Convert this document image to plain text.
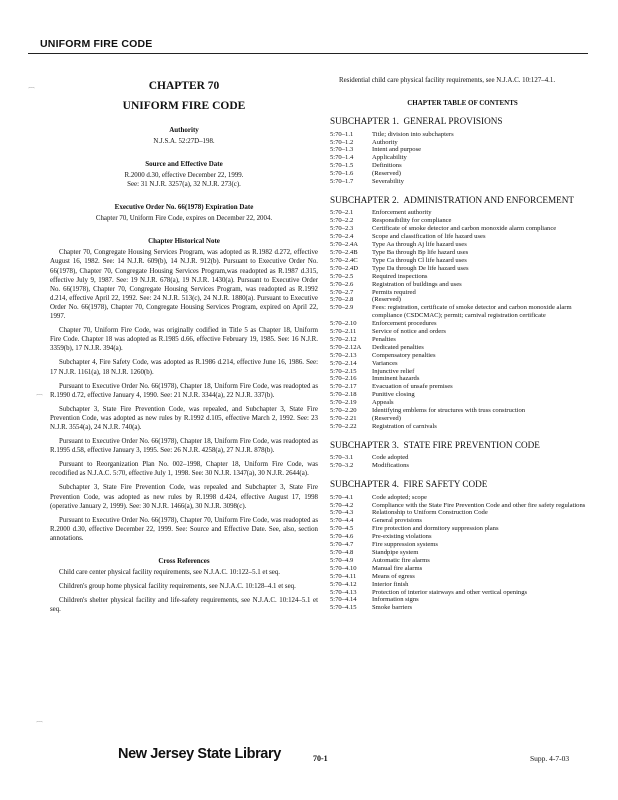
UNIFORM FIRE CODE
⌒
⌒
⌒

CHAPTER 70

UNIFORM FIRE CODE

Authority

N.J.S.A. 52:27D–198.

Source and Effective Date

R.2000 d.30, effective December 22, 1999.

See: 31 N.J.R. 3257(a), 32 N.J.R. 273(c).

Executive Order No. 66(1978) Expiration Date

Chapter 70, Uniform Fire Code, expires on December 22, 2004.

Chapter Historical Note

Chapter 70, Congregate Housing Services Program, was adopted as R.1982 d.272, effective August 16, 1982. See: 14 N.J.R. 609(b), 14 N.J.R. 912(b). Pursuant to Executive Order No. 66(1978), Chapter 70, Congregate Housing Services Program,was readopted as R.1987 d.315, effective July 9, 1987. See: 19 N.J.R. 678(a), 19 N.J.R. 1430(a). Pursuant to Executive Order No. 66(1978), Chapter 70, Congregate Housing Services Program, was readopted as R.1992 d.214, effective April 22, 1992. See: 24 N.J.R. 513(c), 24 N.J.R. 1880(a). Pursuant to Executive Order No. 66(1978), Chapter 70, Congregate Housing Services Program, expired on April 22, 1997.

Chapter 70, Uniform Fire Code, was originally codified in Title 5 as Chapter 18, Uniform Fire Code. Chapter 18 was adopted as R.1985 d.66, effective February 19, 1985. See: 16 N.J.R. 3359(b), 17 N.J.R. 394(a).

Subchapter 4, Fire Safety Code, was adopted as R.1986 d.214, effective June 16, 1986. See: 17 N.J.R. 1161(a), 18 N.J.R. 1260(b).

Pursuant to Executive Order No. 66(1978), Chapter 18, Uniform Fire Code, was readopted as R.1990 d.72, effective January 4, 1990. See: 21 N.J.R. 3344(a), 22 N.J.R. 337(b).

Subchapter 3, State Fire Prevention Code, was repealed, and Subchapter 3, State Fire Prevention Code, was adopted as new rules by R.1992 d.105, effective March 2, 1992. See: 23 N.J.R. 3554(a), 24 N.J.R. 740(a).

Pursuant to Executive Order No. 66(1978), Chapter 18, Uniform Fire Code, was readopted as R.1995 d.58, effective January 3, 1995. See: 26 N.J.R. 4258(a), 27 N.J.R. 878(b).

Pursuant to Reorganization Plan No. 002–1998, Chapter 18, Uniform Fire Code, was recodified as N.J.A.C. 5:70, effective July 1, 1998. See: 30 N.J.R. 1347(a), 30 N.J.R. 2644(a).

Subchapter 3, State Fire Prevention Code, was repealed and Subchapter 3, State Fire Prevention Code, was adopted as new rules by R.1998 d.424, effective August 17, 1998 (operative January 2, 1999). See: 30 N.J.R. 1466(a), 30 N.J.R. 3098(c).

Pursuant to Executive Order No. 66(1978), Chapter 70, Uniform Fire Code, was readopted as R.2000 d.30, effective December 22, 1999. See: Source and Effective Date. See, also, section annotations.

Cross References

Child care center physical facility requirements, see N.J.A.C. 10:122–5.1 et seq.

Children's group home physical facility requirements, see N.J.A.C. 10:128–4.1 et seq.

Children's shelter physical facility and life-safety requirements, see N.J.A.C. 10:124–5.1 et seq.

Residential child care physical facility requirements, see N.J.A.C. 10:127–4.1.

CHAPTER TABLE OF CONTENTS

SUBCHAPTER 1. GENERAL PROVISIONS
5:70–1.1	Title; division into subchapters
5:70–1.2	Authority
5:70–1.3	Intent and purpose
5:70–1.4	Applicability
5:70–1.5	Definitions
5:70–1.6	(Reserved)
5:70–1.7	Severability
SUBCHAPTER 2. ADMINISTRATION AND ENFORCEMENT
5:70–2.1	Enforcement authority
5:70–2.2	Responsibility for compliance
5:70–2.3	Certificate of smoke detector and carbon monoxide alarm compliance
5:70–2.4	Scope and classification of life hazard uses
5:70–2.4A	Type Aa through Aj life hazard uses
5:70–2.4B	Type Ba through Bp life hazard uses
5:70–2.4C	Type Ca through Cl life hazard uses
5:70–2.4D	Type Da through De life hazard uses
5:70–2.5	Required inspections
5:70–2.6	Registration of buildings and uses
5:70–2.7	Permits required
5:70–2.8	(Reserved)
5:70–2.9	Fees: registration, certificate of smoke detector and carbon monoxide alarm compliance (CSDCMAC); permit; carnival registration certificate
5:70–2.10	Enforcement procedures
5:70–2.11	Service of notice and orders
5:70–2.12	Penalties
5:70–2.12A	Dedicated penalties
5:70–2.13	Compensatory penalties
5:70–2.14	Variances
5:70–2.15	Injunctive relief
5:70–2.16	Imminent hazards
5:70–2.17	Evacuation of unsafe premises
5:70–2.18	Punitive closing
5:70–2.19	Appeals
5:70–2.20	Identifying emblems for structures with truss construction
5:70–2.21	(Reserved)
5:70–2.22	Registration of carnivals
SUBCHAPTER 3. STATE FIRE PREVENTION CODE
5:70–3.1	Code adopted
5:70–3.2	Modifications
SUBCHAPTER 4. FIRE SAFETY CODE
5:70–4.1	Code adopted; scope
5:70–4.2	Compliance with the State Fire Prevention Code and other fire safety regulations
5:70–4.3	Relationship to Uniform Construction Code
5:70–4.4	General provisions
5:70–4.5	Fire protection and dormitory suppression plans
5:70–4.6	Pre-existing violations
5:70–4.7	Fire suppression systems
5:70–4.8	Standpipe system
5:70–4.9	Automatic fire alarms
5:70–4.10	Manual fire alarms
5:70–4.11	Means of egress
5:70–4.12	Interior finish
5:70–4.13	Protection of interior stairways and other vertical openings
5:70–4.14	Information signs
5:70–4.15	Smoke barriers
New Jersey State Library	70-1	Supp. 4-7-03
